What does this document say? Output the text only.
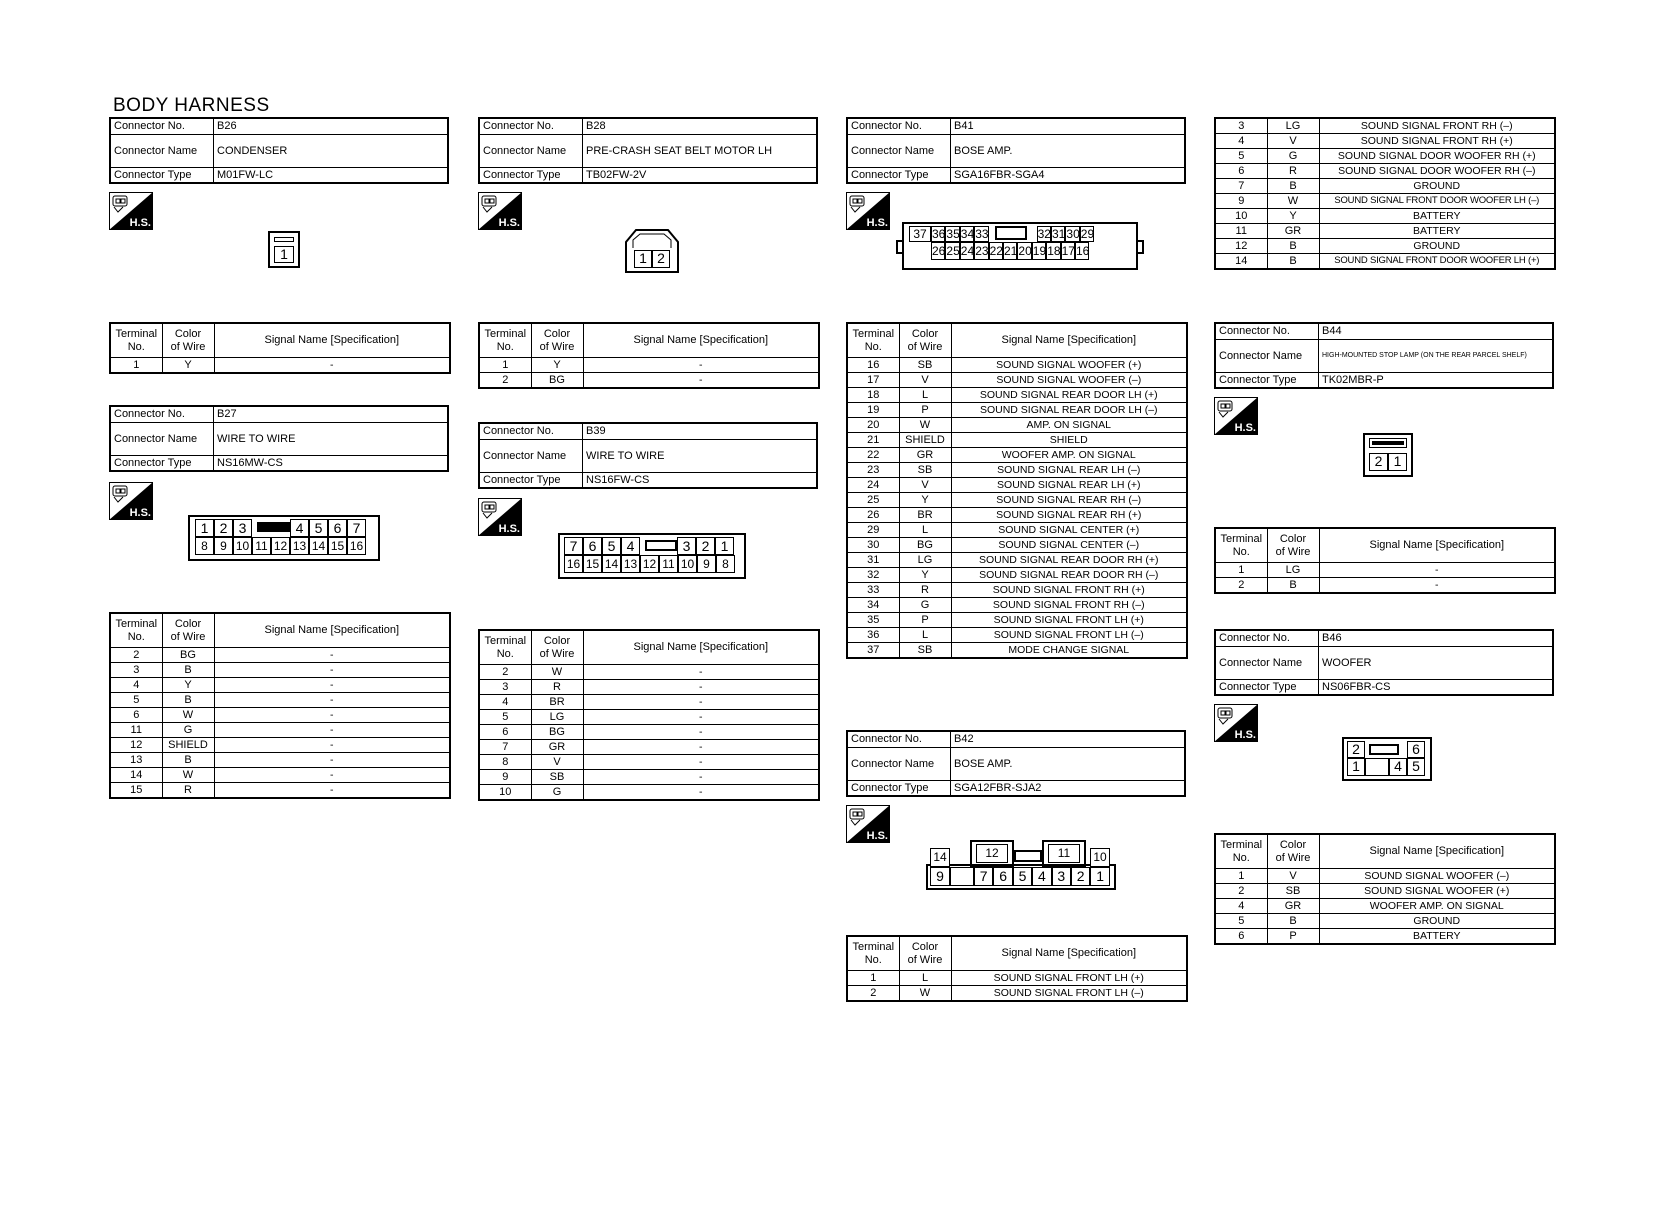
BODY HARNESS
Connector No.	B26
Connector Name	CONDENSER
Connector Type	M01FW-LC
H.S.
1
Terminal
No.	Color
of Wire	Signal Name [Specification]
1	Y	-
Connector No.	B27
Connector Name	WIRE TO WIRE
Connector Type	NS16MW-CS
H.S.
1 2 3	4 5 6 7
8	9 10 11 12 13 14 15 16
Terminal
No.	Color
of Wire	Signal Name [Specification]
2	BG	-
3	B	-
4	Y	-
5	B	-
6	W	-
11	G	-
12	SHIELD	-
13	B	-
14	W	-
15	R	-
Connector No.	B28
Connector Name	PRE-CRASH SEAT BELT MOTOR LH
Connector Type	TB02FW-2V
H.S.
1 2
Terminal
No.	Color
of Wire	Signal Name [Specification]
1	Y	-
2	BG	-
Connector No.	B39
Connector Name	WIRE TO WIRE
Connector Type	NS16FW-CS
H.S.
7 6 5 4	3 2 1
16 15 14 13 12 11 10 9	8
Terminal
No.	Color
of Wire	Signal Name [Specification]
2	W	-
3	R	-
4	BR	-
5	LG	-
6	BG	-
7	GR	-
8	V	-
9	SB	-
10	G	-
Connector No.	B41
Connector Name	BOSE AMP.
Connector Type	SGA16FBR-SGA4
H.S.
37 36 35 34 33	32 31 30 29
26 25 24 23 22 21 20 19 18 17 16
Terminal
No.	Color
of Wire	Signal Name [Specification]
16	SB	SOUND SIGNAL WOOFER (+)
17	V	SOUND SIGNAL WOOFER (–)
18	L	SOUND SIGNAL REAR DOOR LH (+)
19	P	SOUND SIGNAL REAR DOOR LH (–)
20	W	AMP. ON SIGNAL
21	SHIELD	SHIELD
22	GR	WOOFER AMP. ON SIGNAL
23	SB	SOUND SIGNAL REAR LH (–)
24	V	SOUND SIGNAL REAR LH (+)
25	Y	SOUND SIGNAL REAR RH (–)
26	BR	SOUND SIGNAL REAR RH (+)
29	L	SOUND SIGNAL CENTER (+)
30	BG	SOUND SIGNAL CENTER (–)
31	LG	SOUND SIGNAL REAR DOOR RH (+)
32	Y	SOUND SIGNAL REAR DOOR RH (–)
33	R	SOUND SIGNAL FRONT RH (+)
34	G	SOUND SIGNAL FRONT RH (–)
35	P	SOUND SIGNAL FRONT LH (+)
36	L	SOUND SIGNAL FRONT LH (–)
37	SB	MODE CHANGE SIGNAL
Connector No.	B42
Connector Name	BOSE AMP.
Connector Type	SGA12FBR-SJA2
H.S.
14	12	11	10
9	7 6 5 4 3 2 1
Terminal
No.	Color
of Wire	Signal Name [Specification]
1	L	SOUND SIGNAL FRONT LH (+)
2	W	SOUND SIGNAL FRONT LH (–)
3	LG	SOUND SIGNAL FRONT RH (–)
4	V	SOUND SIGNAL FRONT RH (+)
5	G	SOUND SIGNAL DOOR WOOFER RH (+)
6	R	SOUND SIGNAL DOOR WOOFER RH (–)
7	B	GROUND
9	W	SOUND SIGNAL FRONT DOOR WOOFER LH (–)
10	Y	BATTERY
11	GR	BATTERY
12	B	GROUND
14	B	SOUND SIGNAL FRONT DOOR WOOFER LH (+)
Connector No.	B44
Connector Name	HIGH-MOUNTED STOP LAMP (ON THE REAR PARCEL SHELF)
Connector Type	TK02MBR-P
H.S.
2 1
Terminal
No.	Color
of Wire	Signal Name [Specification]
1	LG	-
2	B	-
Connector No.	B46
Connector Name	WOOFER
Connector Type	NS06FBR-CS
H.S.
2	6
1	4 5
Terminal
No.	Color
of Wire	Signal Name [Specification]
1	V	SOUND SIGNAL WOOFER (–)
2	SB	SOUND SIGNAL WOOFER (+)
4	GR	WOOFER AMP. ON SIGNAL
5	B	GROUND
6	P	BATTERY
